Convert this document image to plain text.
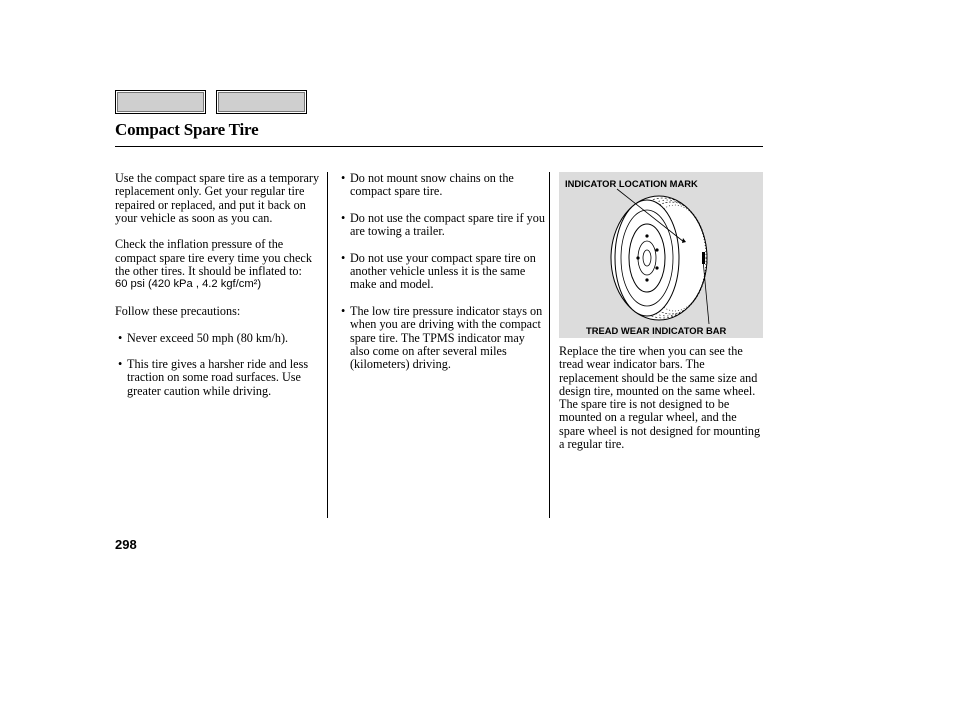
Compact Spare Tire

Use the compact spare tire as a temporary replacement only. Get your regular tire repaired or replaced, and put it back on your vehicle as soon as you can.

Check the inflation pressure of the compact spare tire every time you check the other tires. It should be inflated to:

60 psi (420 kPa , 4.2 kgf/cm²)

Follow these precautions:

• Never exceed 50 mph (80 km/h).

• This tire gives a harsher ride and less traction on some road surfaces. Use greater caution while driving.

• Do not mount snow chains on the compact spare tire.

• Do not use the compact spare tire if you are towing a trailer.

• Do not use your compact spare tire on another vehicle unless it is the same make and model.

• The low tire pressure indicator stays on when you are driving with the compact spare tire. The TPMS indicator may also come on after several miles (kilometers) driving.

INDICATOR LOCATION MARK
TREAD WEAR INDICATOR BAR

Replace the tire when you can see the tread wear indicator bars. The replacement should be the same size and design tire, mounted on the same wheel. The spare tire is not designed to be mounted on a regular wheel, and the spare wheel is not designed for mounting a regular tire.

298
